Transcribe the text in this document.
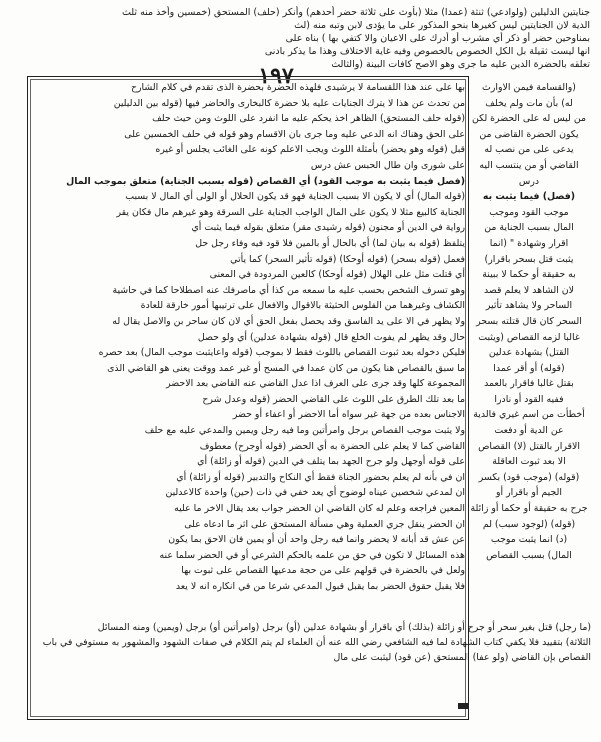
جنايتين الدليلين (ولوادعي) ثنثة (عمدا) مثلا (بأوث على ثلاثة حضر أحدهم) وأنكر (حلف) المستحق (خمسين وأخذ منه ثلث
الدية لان الجنايتين ليس كغيرها بنحو المذكور على ما يؤدى لابن وتبه منه (لث
بمناوحين حضر أو ذكر أي مشرب أو أدرك على الاعيان والا كتفي بها ) بناه على
انها ليست ثقيلة بل الكل الخصوص بالخصوص وفيه غاية الاختلاف وهذا ما يذكر بادنى
تعلقه بالحضرة الدين عليه ما جرى وهو الاصح كافات البينة (والثالث
١٩٧
بها على عند هذا اللقسامة لا يرشيدى فلهذه الحضرة بحضرة الذى تقدم في كلام الشارح
من تحدث عن هذا لا يترك الجنايات عليه بلا حضرة كالبخارى والحاضر فيها (قوله بين الدليلين
(قوله حلف المستحق) الظاهر اخذ يحكم عليه ما انفرد على اللوث ومن حيث حلف
على الحق وهناك انه الدعي عليه وما جرى بان الاقسام وهو قوله في حلف الخمسين على
قبل (قوله وهو يحضر) بأمثلة اللوث ويجب الاعلم كونه على الغائب يجلس أو غيره
على شورى وان طال الحبس عش درس
(فصل فيما يثبت به موجب القود) أي القصاص (قوله بسبب الجناية) متعلق بموجب المال
(قوله المال) أي لا يكون الا بسبب الجناية فهو قد يكون الحلال أو الولى أي المال لا بسبب
الجناية كالبيع مثلا لا يكون على المال الواجب الجناية على السرقة وهو غيرهم مال فكان يقر
رواية في الدين أو مجنون (قوله رشيدى مقر) متعلق بقوله فيما يثبت أي
يتلفظ (قوله به بيان لما) أي بالحال أو بالمين فلا قود فيه وفاء رجل حل
فعمل (قوله بسحر) (قوله أوحكا) (قوله تأثير السحر) كما يأتي
أي قتلت مثل على الهلال (قوله أوحكا) كالعين المردودة في المعنى
وهو تسرف الشخص بحسب عليه ما سمعه من كذا أي ماصرفك عنه اصطلاحا كما في حاشية
الكشاف وغيرهما من الفلوس الحثيثة بالاقوال والافعال على ترتيبها أمور خارقة للعادة
ولا يظهر في الا على يد الفاسق وقد يحصل بفعل الحق أي لان كان ساحر بن والاصل يقال له
حال وقد يظهر لم يفوت الخلع قال (قوله بشهادة عدلين) أي ولو حصل
فليكن دخوله بعد ثبوت القصاص باللوث فقط لا بموجب (قوله واعايثبت موجب المال) بعد حصره
ما سبق بالقصاص هنا يكون من كان عمدا في المسح أو غير عمد ووقت يعنى هو القاضي الذى
المجموعة كلها وقد جرى على العرف اذا عدل القاضي عنه القاضي بعد الاحضر
ما بعد تلك الطرق على اللوث على القاضي الحضر (قوله وعدل شرح
الاجناس بعده من جهة غير سواه أما الاحضر أو اعفاء أو حضر
ولا يثبت موجب القصاص برجل وامرأتين وما فيه رجل ويمين والمدعي عليه مع حلف
القاضي كما لا يعلم على الحضرة به أي الحضر (قوله أوجرح) معطوف
على قوله أوجهل ولو جرح الجهد بما يتلف في الدين (قوله أو زائلة) أي
ان في بأنه لم يعلم بحضور الجناة فقط أي النكاح والتدبير (قوله أو زائلة) أي
ان لمدعي شخصين عيناه لوضوح أي يعد خفي في ذات (حين) واحدة كالاعدلين
المعين فراجعه وعلم له كان القاضي ان الحضر جواب بعد يقال الاخر ما عليه
ان الحضر ينقل جري العملية وهي مسألة المستحق على اثر ما ادعاه على
عن عش قد أبانه لا يحضر وانما فيه رجل واحد أن أو يمين فان الاحق بما يكون
هذه المسائل لا تكون في حق من علمه بالحكم الشرعي أو في الحضر سلما عنه
ولعل في بالحضرة في قولهم على من حجة مدعيها القصاص على ثبوت بها
فلا يقبل حقوق الحضر بما يقبل قبول المدعي شرعا من في انكاره انه لا يعد
(والقسامة فيمن الاوارث
له) بأن مات ولم يخلف
من ليس له على الحضرة لكن
يكون الحضرة القاضى من
يدعى على من نصب له
القاضي أو من ينتسب اليه
درس
(فصل) فيما يثبت به
موجب القود وموجب
المال بسبب الجناية من
اقرار وشهادة " (انما
يثبت قتل بسحر باقرار)
به حقيقة أو حكما لا ببينة
لان الشاهد لا يعلم قصد
الساحر ولا يشاهد تأثير
السحر كان قال قتلته بسحر
غالبا لزمه القصاص (ويثبت
القتل) بشهادة عدلين
(قوله) أو أقر عمدا
بقتل غالبا فاقرار بالعمد
ففيه القود أو نادرا
أخطأت من اسم غيري فالدية
عن الدية أو دفعت
الاقرار بالقتل (لا) القصاص
الا بعد ثبوت العاقلة
(قوله) (موجب قود) بكسر
الجيم أو باقرار أو
جرح به حقيقة أو حكما أو زائلة
(قوله) (لوجود سبب) لم
(د) انما يثبت موجب
المال) بسبب القصاص
(ما رجل) قتل بغير سحر أو جرح أو زائلة (بذلك) أي باقرار أو بشهادة عدلين (أو) برجل (وامرأتين أو) برجل (ويمين) ومنه المسائل
الثلاثة) بتقييد فلا يكفي كتاب الشهادة لما فيه الشافعي رضي الله عنه أن العلماء لم يتم الكلام في صفات الشهود والمشهور به مستوفي في باب
القصاص بإن القاضي (ولو عفا) المستحق (عن قود) ليثبت على مال
